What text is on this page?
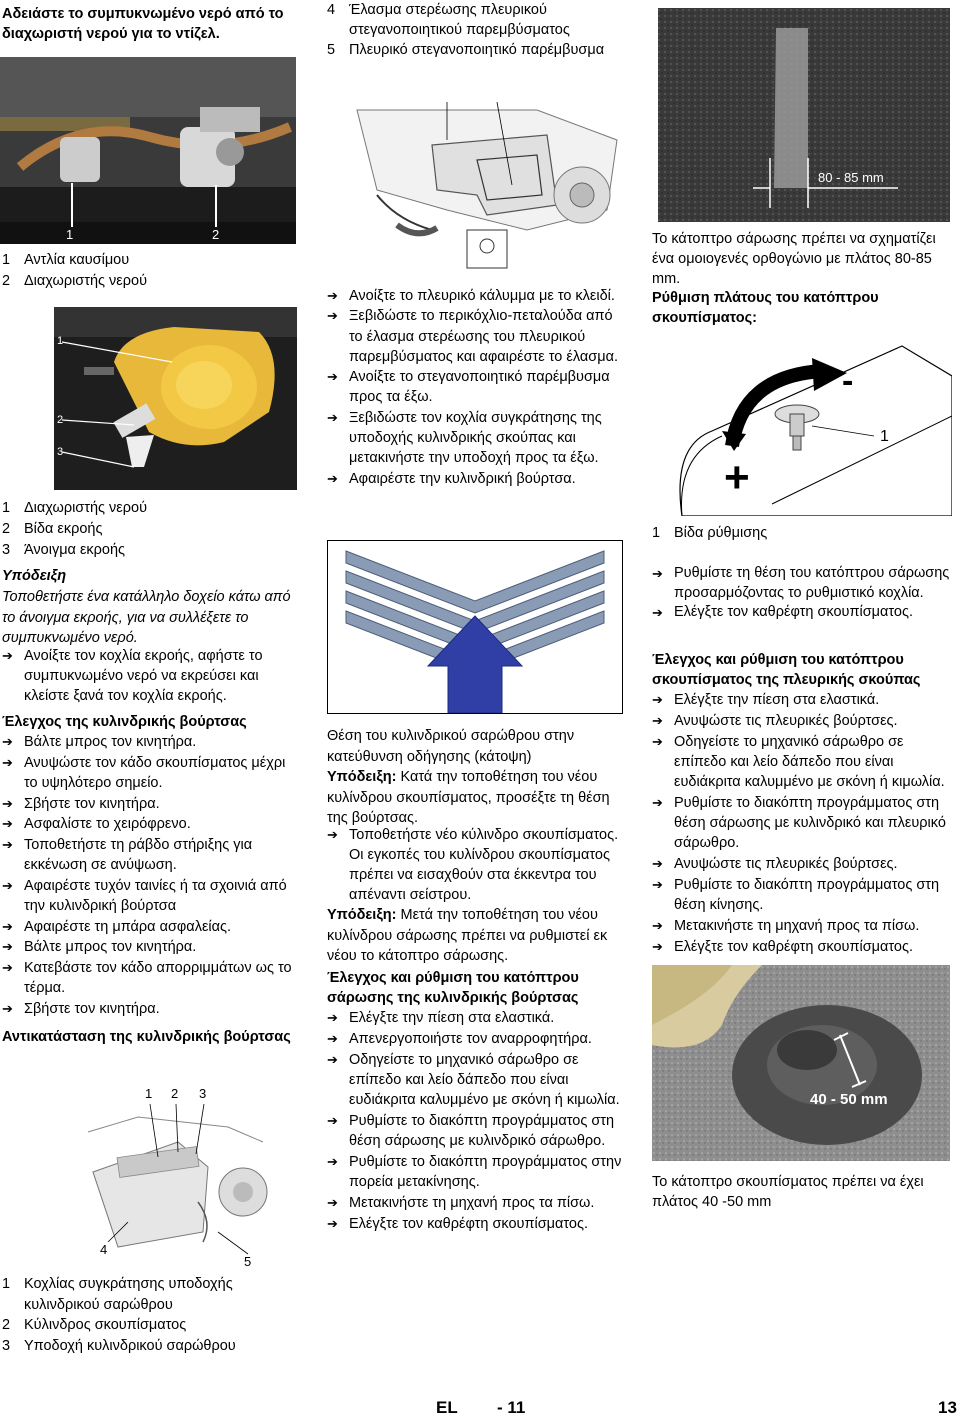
Αδειάστε το συμπυκνωμένο νερό από το διαχωριστή νερού για το ντίζελ.

1	2
1 Αντλία καυσίμου
2 Διαχωριστής νερού
1
2
3
1 Διαχωριστής νερού
2 Βίδα εκροής
3 Άνοιγμα εκροής

Υπόδειξη

Τοποθετήστε ένα κατάλληλο δοχείο κάτω από το άνοιγμα εκροής, για να συλλέξετε το συμπυκνωμένο νερό.

➔ Ανοίξτε τον κοχλία εκροής, αφήστε το συμπυκνωμένο νερό να εκρεύσει και κλείστε ξανά τον κοχλία εκροής.

Έλεγχος της κυλινδρικής βούρτσας

➔ Βάλτε μπρος τον κινητήρα.
➔ Ανυψώστε τον κάδο σκουπίσματος μέχρι το υψηλότερο σημείο.
➔ Σβήστε τον κινητήρα.
➔ Ασφαλίστε το χειρόφρενο.
➔ Τοποθετήστε τη ράβδο στήριξης για εκκένωση σε ανύψωση.
➔ Αφαιρέστε τυχόν ταινίες ή τα σχοινιά από την κυλινδρική βούρτσα
➔ Αφαιρέστε τη μπάρα ασφαλείας.
➔ Βάλτε μπρος τον κινητήρα.
➔ Κατεβάστε τον κάδο απορριμμάτων ως το τέρμα.
➔ Σβήστε τον κινητήρα.

Αντικατάσταση της κυλινδρικής βούρτσας

1 2 3
4
5
1 Κοχλίας συγκράτησης υποδοχής κυλινδρικού σαρώθρου
2 Κύλινδρος σκουπίσματος
3 Υποδοχή κυλινδρικού σαρώθρου
4 Έλασμα στερέωσης πλευρικού στεγανοποιητικού παρεμβύσματος
5 Πλευρικό στεγανοποιητικό παρέμβυσμα
➔ Ανοίξτε το πλευρικό κάλυμμα με το κλειδί.
➔ Ξεβιδώστε το περικόχλιο-πεταλούδα από το έλασμα στερέωσης του πλευρικού παρεμβύσματος και αφαιρέστε το έλασμα.
➔ Ανοίξτε το στεγανοποιητικό παρέμβυσμα προς τα έξω.
➔ Ξεβιδώστε τον κοχλία συγκράτησης της υποδοχής κυλινδρικής σκούπας και μετακινήστε την υποδοχή προς τα έξω.
➔ Αφαιρέστε την κυλινδρική βούρτσα.

Θέση του κυλινδρικού σαρώθρου στην κατεύθυνση οδήγησης (κάτοψη)

Υπόδειξη: Κατά την τοποθέτηση του νέου κυλίνδρου σκουπίσματος, προσέξτε τη θέση της βούρτσας.

➔ Τοποθετήστε νέο κύλινδρο σκουπίσματος. Οι εγκοπές του κυλίνδρου σκουπίσματος πρέπει να εισαχθούν στα έκκεντρα του απέναντι σείστρου.

Υπόδειξη: Μετά την τοποθέτηση του νέου κυλίνδρου σάρωσης πρέπει να ρυθμιστεί εκ νέου το κάτοπτρο σάρωσης.

Έλεγχος και ρύθμιση του κατόπτρου σάρωσης της κυλινδρικής βούρτσας

➔ Ελέγξτε την πίεση στα ελαστικά.
➔ Απενεργοποιήστε τον αναρροφητήρα.
➔ Οδηγείστε το μηχανικό σάρωθρο σε επίπεδο και λείο δάπεδο που είναι ευδιάκριτα καλυμμένο με σκόνη ή κιμωλία.
➔ Ρυθμίστε το διακόπτη προγράμματος στη θέση σάρωσης με κυλινδρικό σάρωθρο.
➔ Ρυθμίστε το διακόπτη προγράμματος στην πορεία μετακίνησης.
➔ Μετακινήστε τη μηχανή προς τα πίσω.
➔ Ελέγξτε τον καθρέφτη σκουπίσματος.
80 - 85 mm

Το κάτοπτρο σάρωσης πρέπει να σχηματίζει ένα ομοιογενές ορθογώνιο με πλάτος 80-85 mm.

Ρύθμιση πλάτους του κατόπτρου σκουπίσματος:

-
+
1
1 Βίδα ρύθμισης
➔ Ρυθμίστε τη θέση του κατόπτρου σάρωσης προσαρμόζοντας το ρυθμιστικό κοχλία.
➔ Ελέγξτε τον καθρέφτη σκουπίσματος.

Έλεγχος και ρύθμιση του κατόπτρου σκουπίσματος της πλευρικής σκούπας

➔ Ελέγξτε την πίεση στα ελαστικά.
➔ Ανυψώστε τις πλευρικές βούρτσες.
➔ Οδηγείστε το μηχανικό σάρωθρο σε επίπεδο και λείο δάπεδο που είναι ευδιάκριτα καλυμμένο με σκόνη ή κιμωλία.
➔ Ρυθμίστε το διακόπτη προγράμματος στη θέση σάρωσης με κυλινδρικό και πλευρικό σάρωθρο.
➔ Ανυψώστε τις πλευρικές βούρτσες.
➔ Ρυθμίστε το διακόπτη προγράμματος στη θέση κίνησης.
➔ Μετακινήστε τη μηχανή προς τα πίσω.
➔ Ελέγξτε τον καθρέφτη σκουπίσματος.
40 - 50 mm

Το κάτοπτρο σκουπίσματος πρέπει να έχει πλάτος 40 -50 mm

EL - 11	13
